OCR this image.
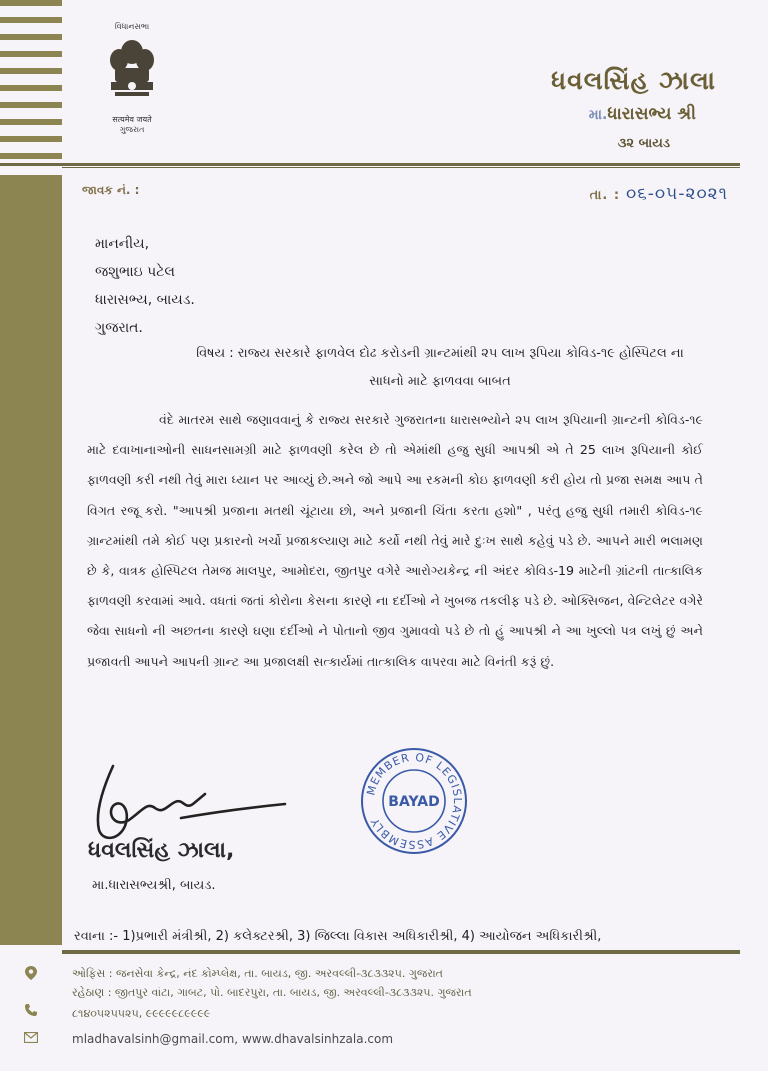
વિધાનસભા
सत्यमेव जयते
ગુજરાત
ધવલસિંહ ઝાલા
મા.ધારાસભ્ય શ્રી
૩૨ બાયડ
જાવક નં. :	તા. : ૦૬-૦૫-૨૦૨૧
માનનીય,
જશુભાઇ પટેલ
ધારાસભ્ય, બાયડ.
ગુજરાત.
વિષય : રાજ્ય સરકારે ફાળવેલ દોઢ કરોડની ગ્રાન્ટમાંથી ૨૫ લાખ રૂપિયા કોવિડ-૧૯ હોસ્પિટલ ના સાધનો માટે ફાળવવા બાબત
વંદે માતરમ સાથે જણાવવાનું કે રાજ્ય સરકારે ગુજરાતના ધારાસભ્યોને ૨૫ લાખ રૂપિયાની ગ્રાન્ટની કોવિડ-૧૯ માટે દવાખાનાઓની સાધનસામગ્રી માટે ફાળવણી કરેલ છે તો એમાંથી હજુ સુધી આપશ્રી એ તે 25 લાખ રૂપિયાની કોઈ ફાળવણી કરી નથી તેવું મારા ધ્યાન પર આવ્યું છે.અને જો આપે આ રકમની કોઇ ફાળવણી કરી હોય તો પ્રજા સમક્ષ આપ તે વિગત રજૂ કરો. "આપશ્રી પ્રજાના મતથી ચૂંટાયા છો, અને પ્રજાની ચિંતા કરતા હશો" , પરંતુ હજુ સુધી તમારી કોવિડ-૧૯ ગ્રાન્ટમાંથી તમે કોઈ પણ પ્રકારનો ખર્ચો પ્રજાકલ્યાણ માટે કર્યો નથી તેવું મારે દુઃખ સાથે કહેવું પડે છે. આપને મારી ભલામણ છે કે, વાત્રક હોસ્પિટલ તેમજ માલપુર, આમોદરા, જીતપુર વગેરે આરોગ્યકેન્દ્ર ની અંદર કોવિડ-19 માટેની ગ્રાંટની તાત્કાલિક ફાળવણી કરવામાં આવે. વધતાં જતાં કોરોના કેસના કારણે ના દર્દીઓ ને ખુબજ તકલીફ પડે છે. ઓક્સિજન, વેન્ટિલેટર વગેરે જેવા સાધનો ની અછતના કારણે ઘણા દર્દીઓ ને પોતાનો જીવ ગુમાવવો પડે છે તો હું આપશ્રી ને આ ખુલ્લો પત્ર લખું છું અને પ્રજાવતી આપને આપની ગ્રાન્ટ આ પ્રજાલક્ષી સત્કાર્યમાં તાત્કાલિક વાપરવા માટે વિનંતી કરૂં છું.
MEMBER OF LEGISLATIVE ASSEMBLY
BAYAD
ધવલસિંહ ઝાલા,
મા.ધારાસભ્યશ્રી, બાયડ.
રવાના :- 1)પ્રભારી મંત્રીશ્રી, 2) કલેક્ટરશ્રી, 3) જિલ્લા વિકાસ અધિકારીશ્રી, 4) આયોજન અધિકારીશ્રી,
ઓફિસ : જનસેવા કેન્દ્ર, નંદ કોમ્પ્લેક્ષ, તા. બાયડ, જી. અરવલ્લી-૩૮૩૩૨૫. ગુજરાત
રહેઠાણ : જીતપુર વાંટા, ગાબટ, પો. બાદરપુરા, તા. બાયડ, જી. અરવલ્લી-૩૮૩૩૨૫. ગુજરાત
૮૧૪૦૫૨૫૫૨૫, ૯૯૯૯૯૮૯૯૯૯
mladhavalsinh@gmail.com, www.dhavalsinhzala.com
